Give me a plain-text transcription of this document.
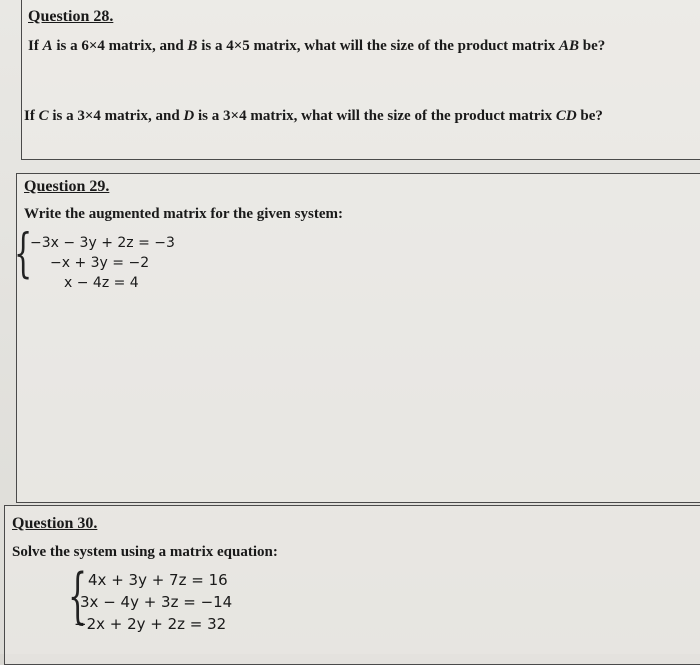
Question 28.
If A is a 6×4 matrix, and B is a 4×5 matrix, what will the size of the product matrix AB be?
If C is a 3×4 matrix, and D is a 3×4 matrix, what will the size of the product matrix CD be?
Question 29.
Write the augmented matrix for the given system:
{
−3x − 3y + 2z = −3
−x + 3y = −2
x − 4z = 4
Question 30.
Solve the system using a matrix equation:
{ 4x + 3y + 7z = 16
3x − 4y + 3z = −14
−2x + 2y + 2z = 32
